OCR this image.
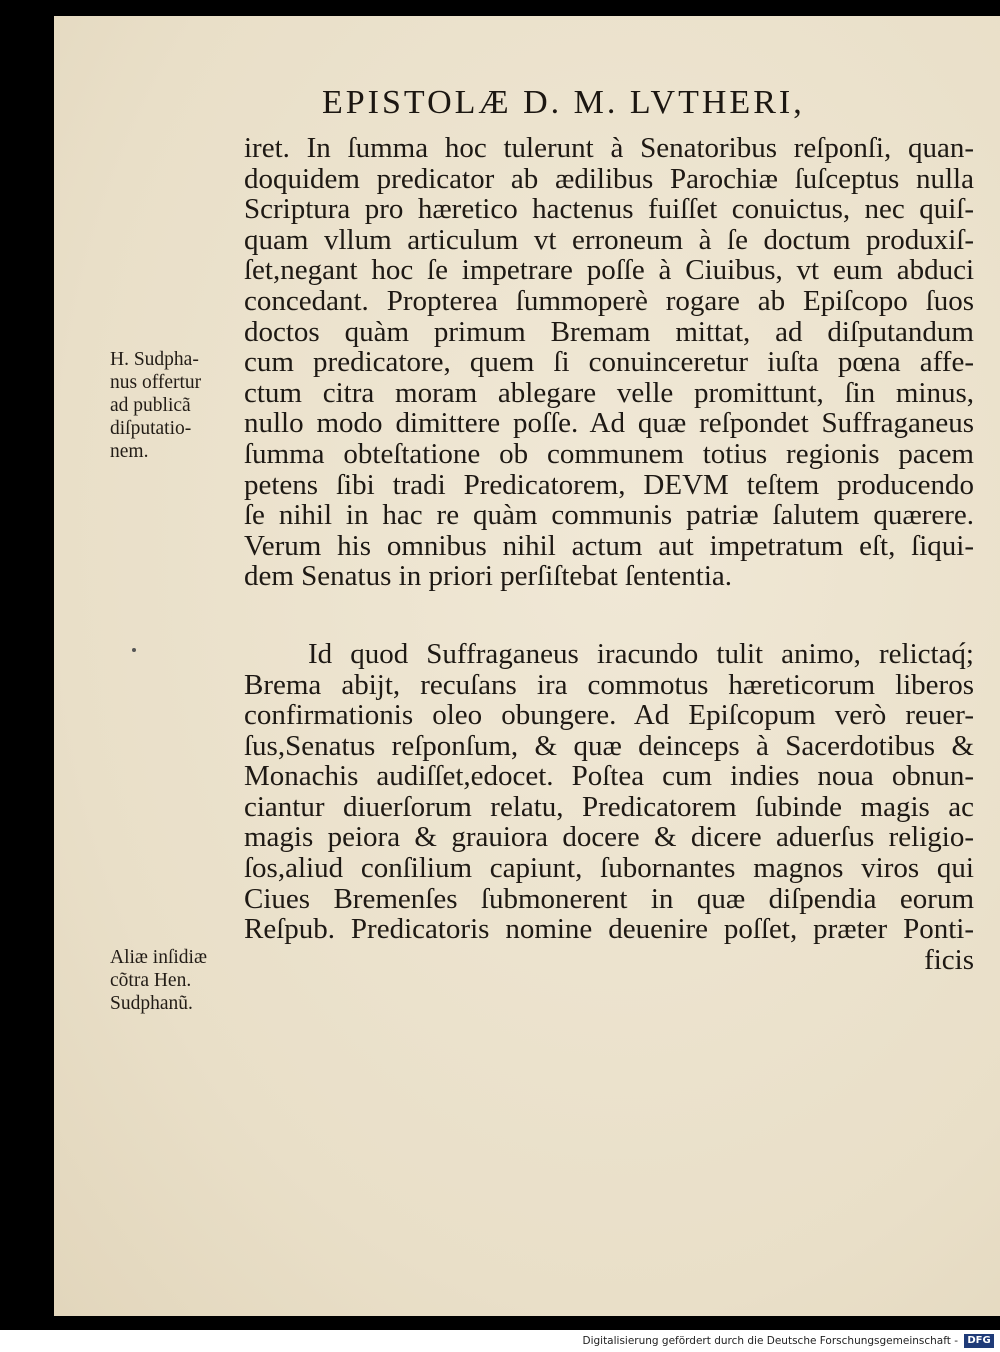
EPISTOLÆ D. M. LVTHERI,
iret. In ſumma hoc tulerunt à Senatoribus reſponſi, quan-
doquidem predicator ab ædilibus Parochiæ ſuſceptus nulla
Scriptura pro hæretico hactenus fuiſſet conuictus, nec quiſ-
quam vllum articulum vt erroneum à ſe doctum produxiſ-
ſet,negant hoc ſe impetrare poſſe à Ciuibus, vt eum abduci
concedant. Propterea ſummoperè rogare ab Epiſcopo ſuos
doctos quàm primum Bremam mittat, ad diſputandum
cum predicatore, quem ſi conuinceretur iuſta pœna affe-
ctum citra moram ablegare velle promittunt, ſin minus,
nullo modo dimittere poſſe. Ad quæ reſpondet Suffraganeus
ſumma obteſtatione ob communem totius regionis pacem
petens ſibi tradi Predicatorem, DEVM teſtem producendo
ſe nihil in hac re quàm communis patriæ ſalutem quærere.
Verum his omnibus nihil actum aut impetratum eſt, ſiqui-
dem Senatus in priori perſiſtebat ſententia.
Id quod Suffraganeus iracundo tulit animo, relictaq́;
Brema abijt, recuſans ira commotus hæreticorum liberos
confirmationis oleo obungere. Ad Epiſcopum verò reuer-
ſus,Senatus reſponſum, & quæ deinceps à Sacerdotibus &
Monachis audiſſet,edocet. Poſtea cum indies noua obnun-
ciantur diuerſorum relatu, Predicatorem ſubinde magis ac
magis peiora & grauiora docere & dicere aduerſus religio-
ſos,aliud conſilium capiunt, ſubornantes magnos viros qui
Ciues Bremenſes ſubmonerent in quæ diſpendia eorum
Reſpub. Predicatoris nomine deuenire poſſet, præter Ponti-
ficis
H. Sudpha-
nus offertur
ad publicã
diſputatio-
nem.
Aliæ inſidiæ
cõtra Hen.
Sudphanũ.
Digitalisierung gefördert durch die Deutsche Forschungsgemeinschaft - DFG
